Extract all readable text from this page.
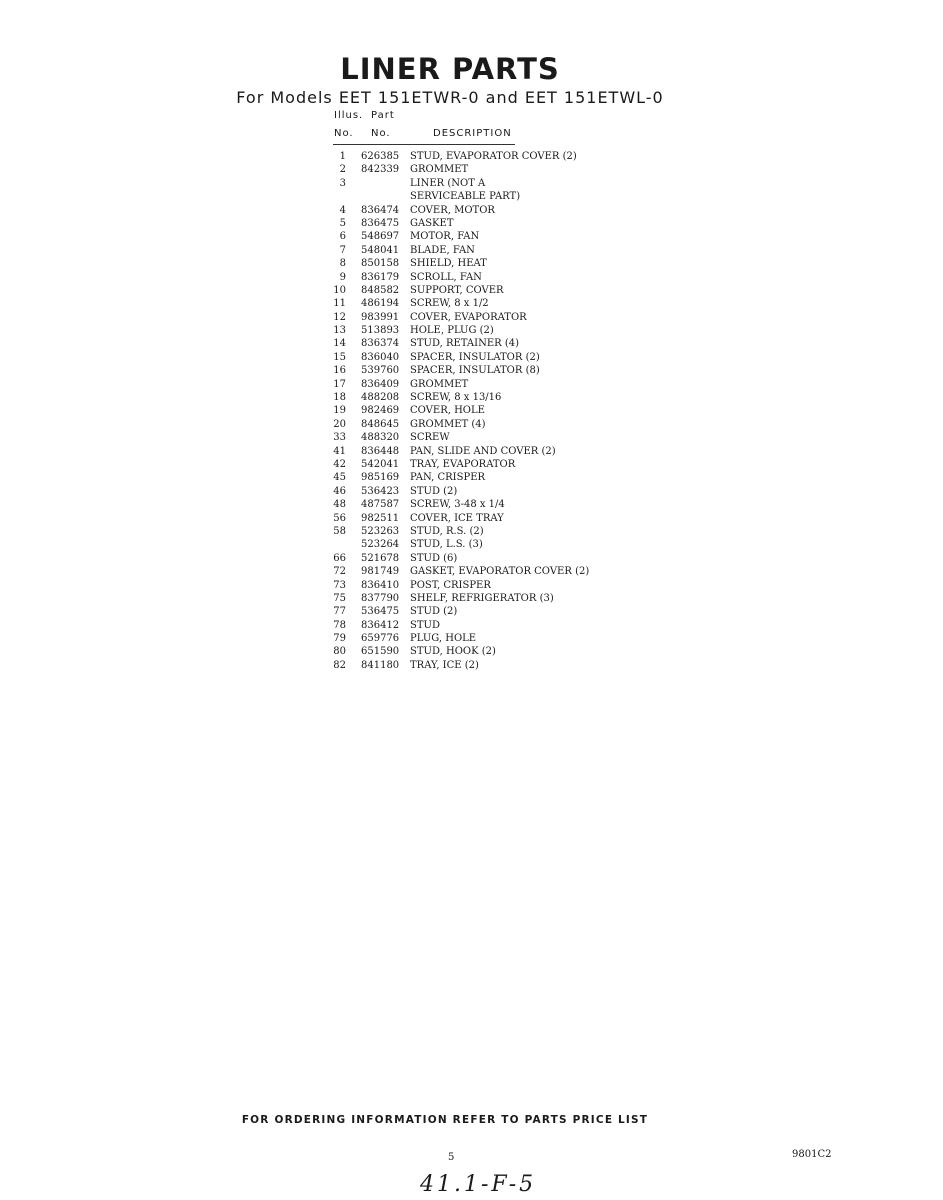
LINER PARTS
For Models EET 151ETWR-0 and EET 151ETWL-0
Illus. Part
No. No.	DESCRIPTION
1 626385 STUD, EVAPORATOR COVER (2)
2 842339 GROMMET
3	LINER (NOT A
SERVICEABLE PART)
4 836474 COVER, MOTOR
5 836475 GASKET
6 548697 MOTOR, FAN
7 548041 BLADE, FAN
8 850158 SHIELD, HEAT
9 836179 SCROLL, FAN
10 848582 SUPPORT, COVER
11 486194 SCREW, 8 x 1/2
12 983991 COVER, EVAPORATOR
13 513893 HOLE, PLUG (2)
14 836374 STUD, RETAINER (4)
15 836040 SPACER, INSULATOR (2)
16 539760 SPACER, INSULATOR (8)
17 836409 GROMMET
18 488208 SCREW, 8 x 13/16
19 982469 COVER, HOLE
20 848645 GROMMET (4)
33 488320 SCREW
41 836448 PAN, SLIDE AND COVER (2)
42 542041 TRAY, EVAPORATOR
45 985169 PAN, CRISPER
46 536423 STUD (2)
48 487587 SCREW, 3-48 x 1/4
56 982511 COVER, ICE TRAY
58 523263 STUD, R.S. (2)
523264 STUD, L.S. (3)
66 521678 STUD (6)
72 981749 GASKET, EVAPORATOR COVER (2)
73 836410 POST, CRISPER
75 837790 SHELF, REFRIGERATOR (3)
77 536475 STUD (2)
78 836412 STUD
79 659776 PLUG, HOLE
80 651590 STUD, HOOK (2)
82 841180 TRAY, ICE (2)
FOR ORDERING INFORMATION REFER TO PARTS PRICE LIST
5	9801C2
41.1-F-5
